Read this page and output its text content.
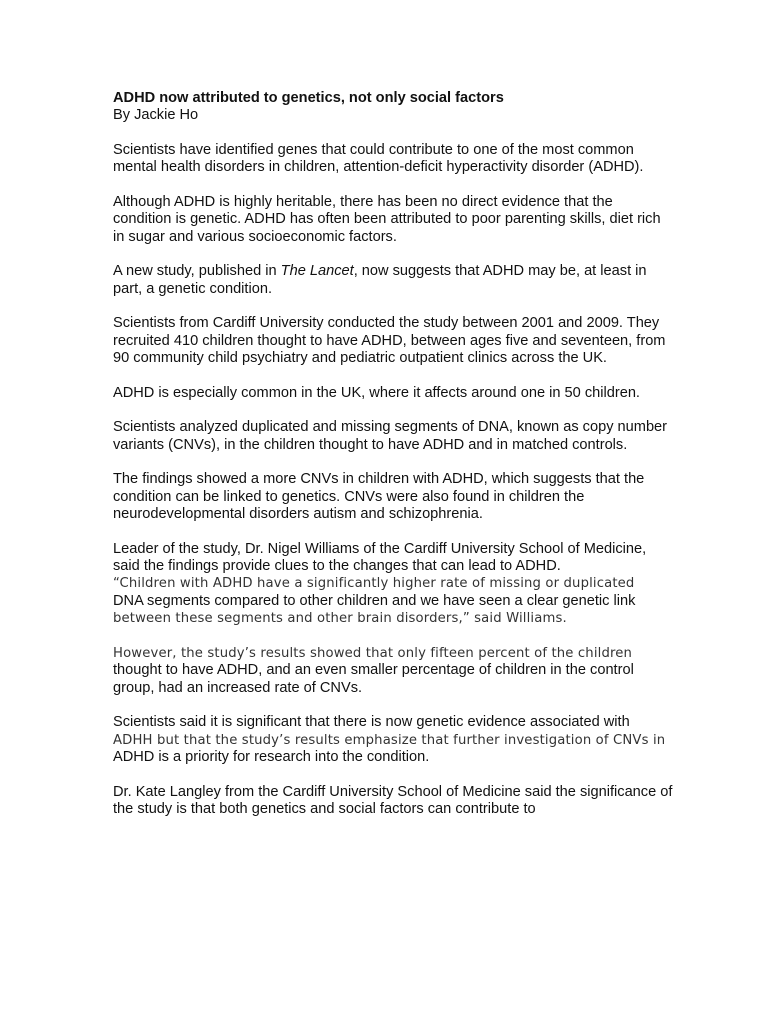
ADHD now attributed to genetics, not only social factors
By Jackie Ho

Scientists have identified genes that could contribute to one of the most common mental health disorders in children, attention-deficit hyperactivity disorder (ADHD).

Although ADHD is highly heritable, there has been no direct evidence that the condition is genetic. ADHD has often been attributed to poor parenting skills, diet rich in sugar and various socioeconomic factors.

A new study, published in The Lancet, now suggests that ADHD may be, at least in part, a genetic condition.

Scientists from Cardiff University conducted the study between 2001 and 2009. They recruited 410 children thought to have ADHD, between ages five and seventeen, from 90 community child psychiatry and pediatric outpatient clinics across the UK.

ADHD is especially common in the UK, where it affects around one in 50 children.

Scientists analyzed duplicated and missing segments of DNA, known as copy number variants (CNVs), in the children thought to have ADHD and in matched controls.

The findings showed a more CNVs in children with ADHD, which suggests that the condition can be linked to genetics. CNVs were also found in children the neurodevelopmental disorders autism and schizophrenia.

Leader of the study, Dr. Nigel Williams of the Cardiff University School of Medicine, said the findings provide clues to the changes that can lead to ADHD.
“Children with ADHD have a significantly higher rate of missing or duplicated
DNA segments compared to other children and we have seen a clear genetic link
between these segments and other brain disorders,” said Williams.

However, the study’s results showed that only fifteen percent of the children
thought to have ADHD, and an even smaller percentage of children in the control group, had an increased rate of CNVs.

Scientists said it is significant that there is now genetic evidence associated with
ADHH but that the study’s results emphasize that further investigation of CNVs in
ADHD is a priority for research into the condition.

Dr. Kate Langley from the Cardiff University School of Medicine said the significance of the study is that both genetics and social factors can contribute to
